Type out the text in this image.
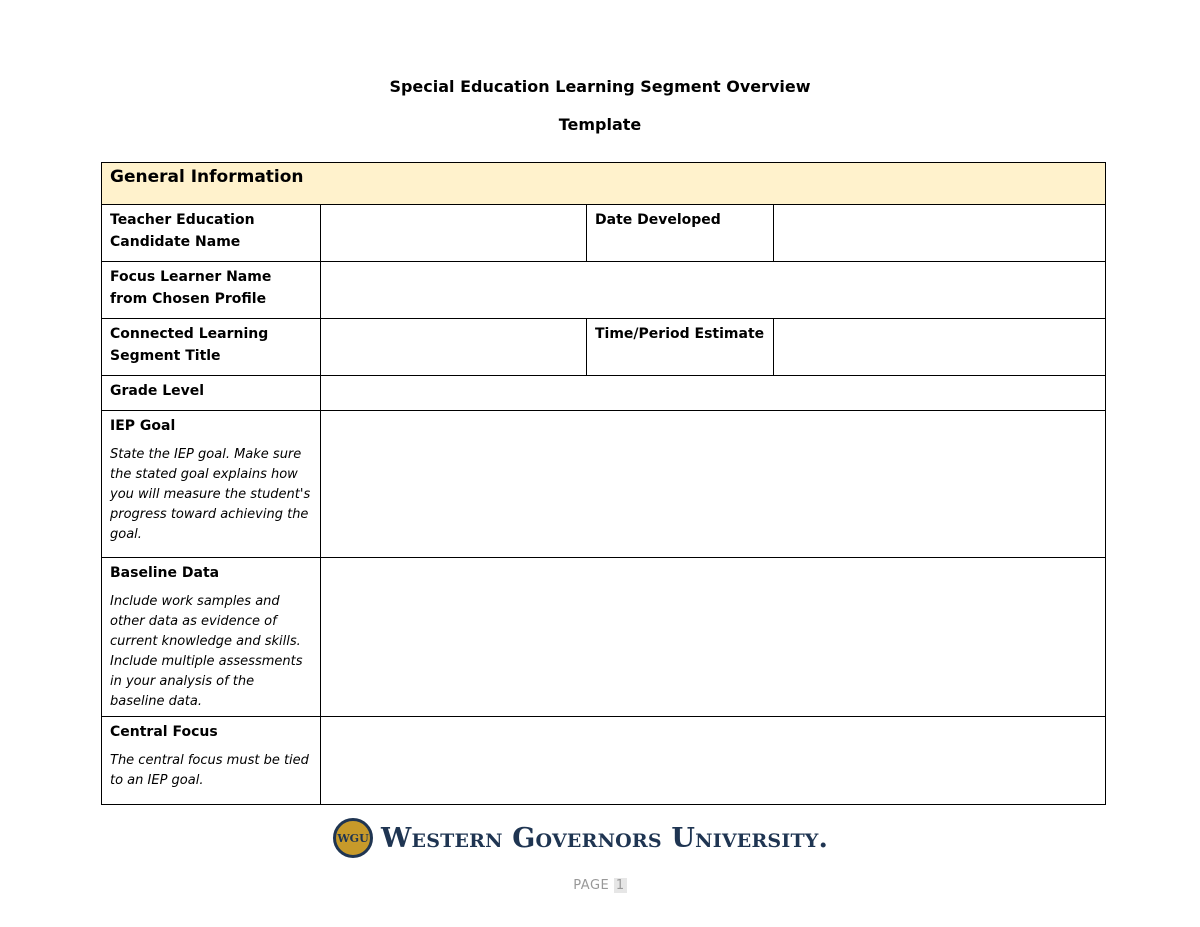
Special Education Learning Segment Overview
Template
General Information			

Teacher Education Candidate Name		Date Developed	

Focus Learner Name from Chosen Profile			

Connected Learning Segment Title		Time/Period Estimate	

Grade Level			

IEP Goal
State the IEP goal. Make sure the stated goal explains how you will measure the student's progress toward achieving the goal.			

Baseline Data
Include work samples and other data as evidence of current knowledge and skills. Include multiple assessments in your analysis of the baseline data.			

Central Focus
The central focus must be tied to an IEP goal.			

WGU Western Governors University.
PAGE 1
